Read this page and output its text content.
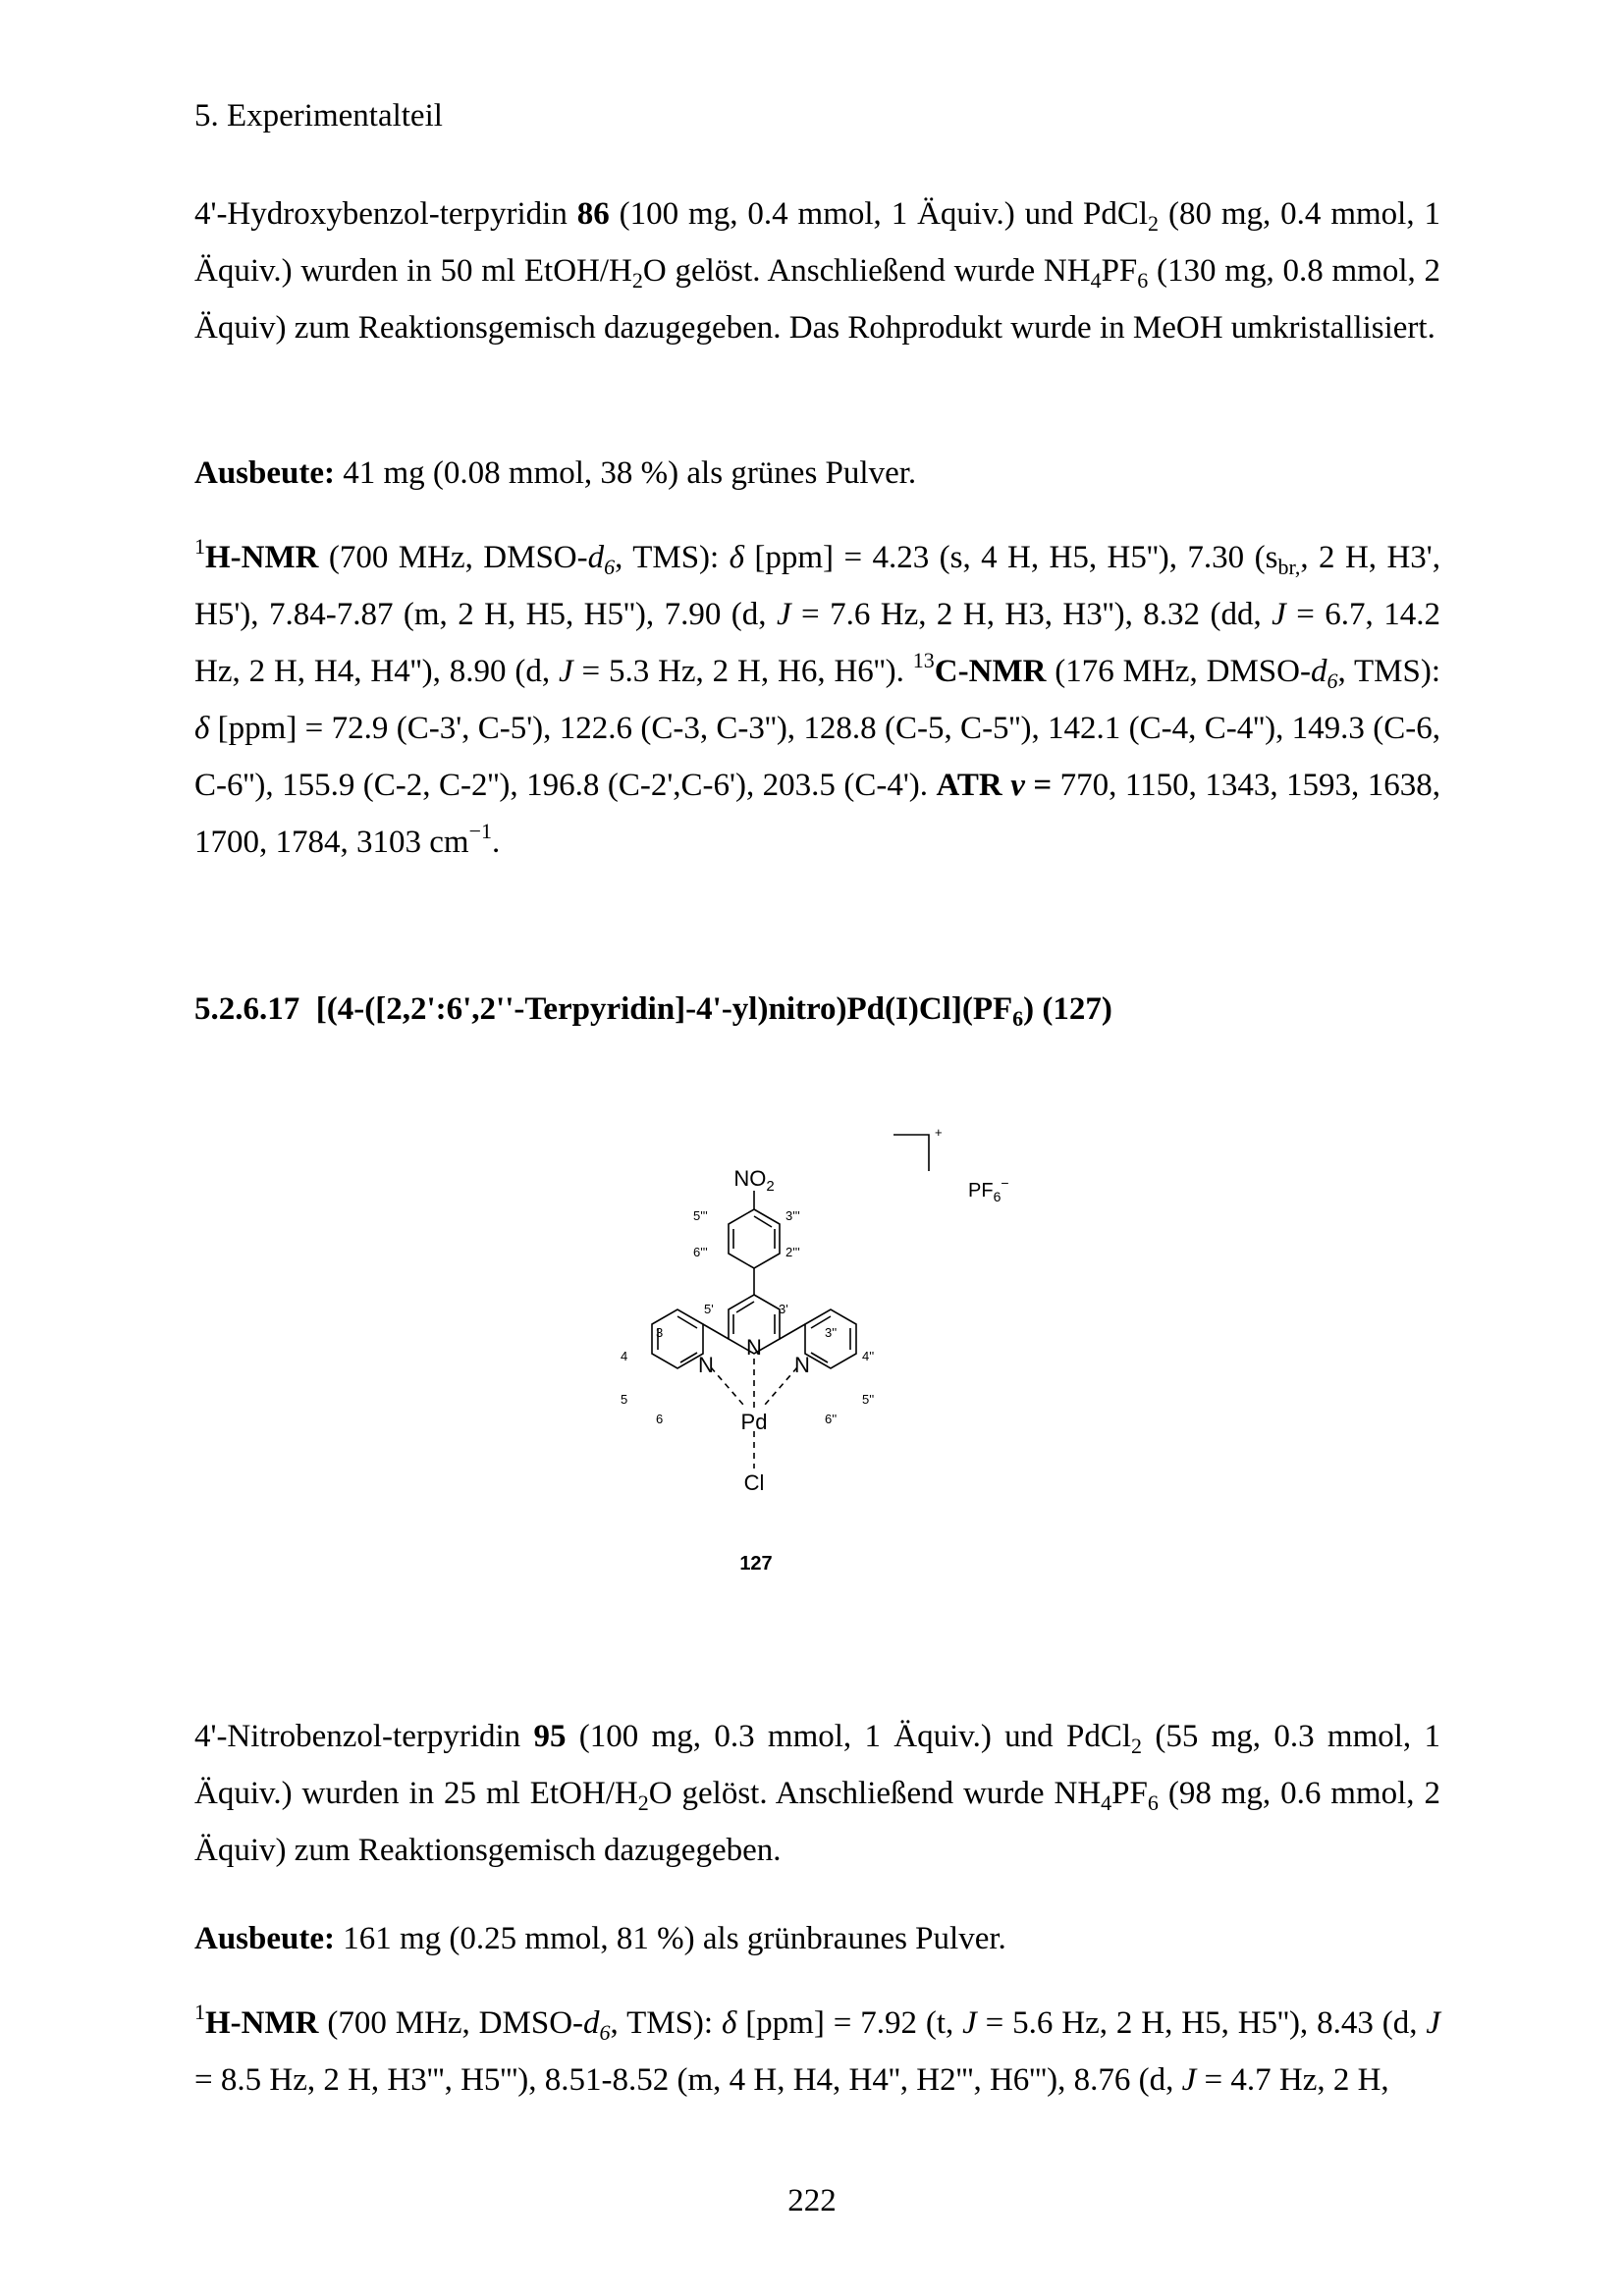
5. Experimentalteil

4'-Hydroxybenzol-terpyridin 86 (100 mg, 0.4 mmol, 1 Äquiv.) und PdCl$_2$ (80 mg, 0.4 mmol, 1 Äquiv.) wurden in 50 ml EtOH/$H_2O$ gelöst. Anschließend wurde $NH_4PF_6$ (130 mg, 0.8 mmol, 2 Äquiv) zum Reaktionsgemisch dazugegeben. Das Rohprodukt wurde in MeOH umkristallisiert.

Ausbeute: 41 mg (0.08 mmol, 38 %) als grünes Pulver.

$^1$H-NMR (700 MHz, DMSO-$d_6$, TMS): δ [ppm] = 4.23 (s, 4 H, H5, H5''), 7.30 ($s_{br,}$, 2 H, H3', H5'), 7.84-7.87 (m, 2 H, H5, H5''), 7.90 (d, J = 7.6 Hz, 2 H, H3, H3''), 8.32 (dd, J = 6.7, 14.2 Hz, 2 H, H4, H4''), 8.90 (d, J = 5.3 Hz, 2 H, H6, H6''). $^{13}$C-NMR (176 MHz, DMSO-$d_6$, TMS): δ [ppm] = 72.9 (C-3', C-5'), 122.6 (C-3, C-3''), 128.8 (C-5, C-5''), 142.1 (C-4, C-4''), 149.3 (C-6, C-6''), 155.9 (C-2, C-2''), 196.8 (C-2',C-6'), 203.5 (C-4'). ATR ν = 770, 1150, 1343, 1593, 1638, 1700, 1784, 3103 $cm^{-1}$.

5.2.6.17  $[(4-([2,2':6',2''-Terpyridin]-4'-yl)nitro)Pd(I)Cl](PF_6)$ (127)
$NO_2$
N
N	N
Pd
Cl
$PF_6^-$
+
5'''	3'''
6'''	2'''
5'	3'
3
4
5
6
3''
4''
5''
6''
127

4'-Nitrobenzol-terpyridin 95 (100 mg, 0.3 mmol, 1 Äquiv.) und PdCl$_2$ (55 mg, 0.3 mmol, 1 Äquiv.) wurden in 25 ml EtOH/$H_2O$ gelöst. Anschließend wurde $NH_4PF_6$ (98 mg, 0.6 mmol, 2 Äquiv) zum Reaktionsgemisch dazugegeben.

Ausbeute: 161 mg (0.25 mmol, 81 %) als grünbraunes Pulver.

$^1$H-NMR (700 MHz, DMSO-$d_6$, TMS): δ [ppm] = 7.92 (t, J = 5.6 Hz, 2 H, H5, H5''), 8.43 (d, J = 8.5 Hz, 2 H, H3''', H5'''), 8.51-8.52 (m, 4 H, H4, H4'', H2''', H6'''), 8.76 (d, J = 4.7 Hz, 2 H,

222
